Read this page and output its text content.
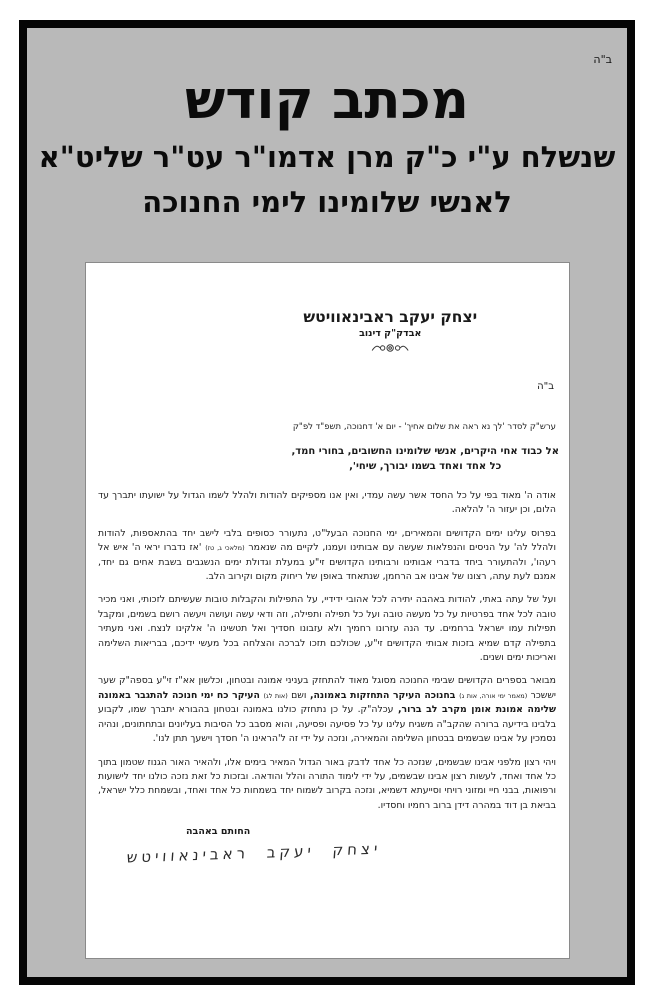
ב"ה
מכתב קודש
שנשלח ע"י כ"ק מרן אדמו"ר עט"ר שליט"א
לאנשי שלומינו לימי החנוכה
יצחק יעקב ראבינאוויטש
אבדק"ק דינוב
ב"ה
ערש"ק לסדר 'לך נא ראה את שלום אחיך' - יום א' דחנוכה, תשפ"ד לפ"ק
אל כבוד אחי היקרים, אנשי שלומינו החשובים, בחורי חמד,
כל אחד ואחד בשמו יבורך, שיחי',

אודה ה' מאוד בפי על כל החסד אשר עשה עמדי, ואין אנו מספיקים להודות ולהלל לשמו הגדול על ישועתו יתברך עד הלום, וכן יעזור ה' להלאה.

בפרוס עלינו ימים הקדושים והמאירים, ימי החנוכה הבעל"ט, נתעורר כסופים בלבי לישב יחד בהתאספות, להודות ולהלל לה' על הניסים והנפלאות שעשה עם אבותינו ועמנו, לקיים מה שנאמר (מלאכי ג, טז) 'אז נדברו יראי ה' איש אל רעהו', ולהתעורר ביחד בדברי אבותינו ורבותינו הקדושים זי"ע במעלת וגדולת ימים הנשגבים בשבת אחים גם יחד, אמנם לעת עתה, רצונו של אבינו אב הרחמן, שנתאחד באופן של ריחוק מקום וקירוב הלב.

ועל של עתה באתי, להודות באהבה יתירה לכל אהובי ידידיי, על התפילות והקבלות טובות שעשיתם לזכותי, ואני מכיר טובה לכל אחד בפרטיות על כל מעשה טובה ועל כל תפילה ותפילה, וזה ודאי עשה ועושה ויעשה רושם בשמים, ומקבל תפילות עמו ישראל ברחמים. עד הנה עזרונו רחמיך ולא עזבונו חסדיך ואל תטשינו ה' אלקינו לנצח. ואני מעתיר בתפילה קדם שמיא בזכות אבותי הקדושים זי"ע, שכולכם תזכו לברכה והצלחה בכל מעשי ידיכם, בבריאות השלימה ואריכות ימים ושנים.

מבואר בספרים הקדושים שבימי החנוכה מסוגל מאוד להתחזק בעניני אמונה ובטחון, וכלשון אא"ז זי"ע בספה"ק שער יששכר (מאמר ימי אורה, אות ג) בחנוכה העיקר התחזקות באמונה, ושם (אות לג) העיקר כח ימי חנוכה להתגבר באמונה שלימה אמונת אומן מקרב לב ברור, עכלה"ק. על כן נתחזק כולנו באמונה ובטחון בהבורא יתברך שמו, לקבוע בלבינו בידיעה ברורה שהקב"ה משגיח עלינו על כל פסיעה ופסיעה, והוא מסבב כל הסיבות בעליונים ובתחתונים, ונהיה נסמכין על אבינו שבשמים בבטחון השלימה והמאירה, ונזכה על ידי זה ל'הראינו ה' חסדך וישעך תתן לנו'.

ויהי רצון מלפני אבינו שבשמים, שנזכה כל אחד לדבק באור הגדול המאיר בימים אלו, ולהאיר האור הגנוז שטמון בתוך כל אחד ואחד, לעשות רצון אבינו שבשמים, על ידי לימוד התורה והלל והודאה. ובזכות כל זאת נזכה כולנו יחד לישועות ורפואות, בבני חיי ומזוני רויחי וסייעתא דשמיא, ונזכה בקרוב לשמוח יחד בשמחות כל אחד ואחד, ובשמחת כלל ישראל, בביאת בן דוד במהרה דידן ברוב רחמיו וחסדיו.

החותם באהבה
יצחק יעקב ראבינאוויטש
